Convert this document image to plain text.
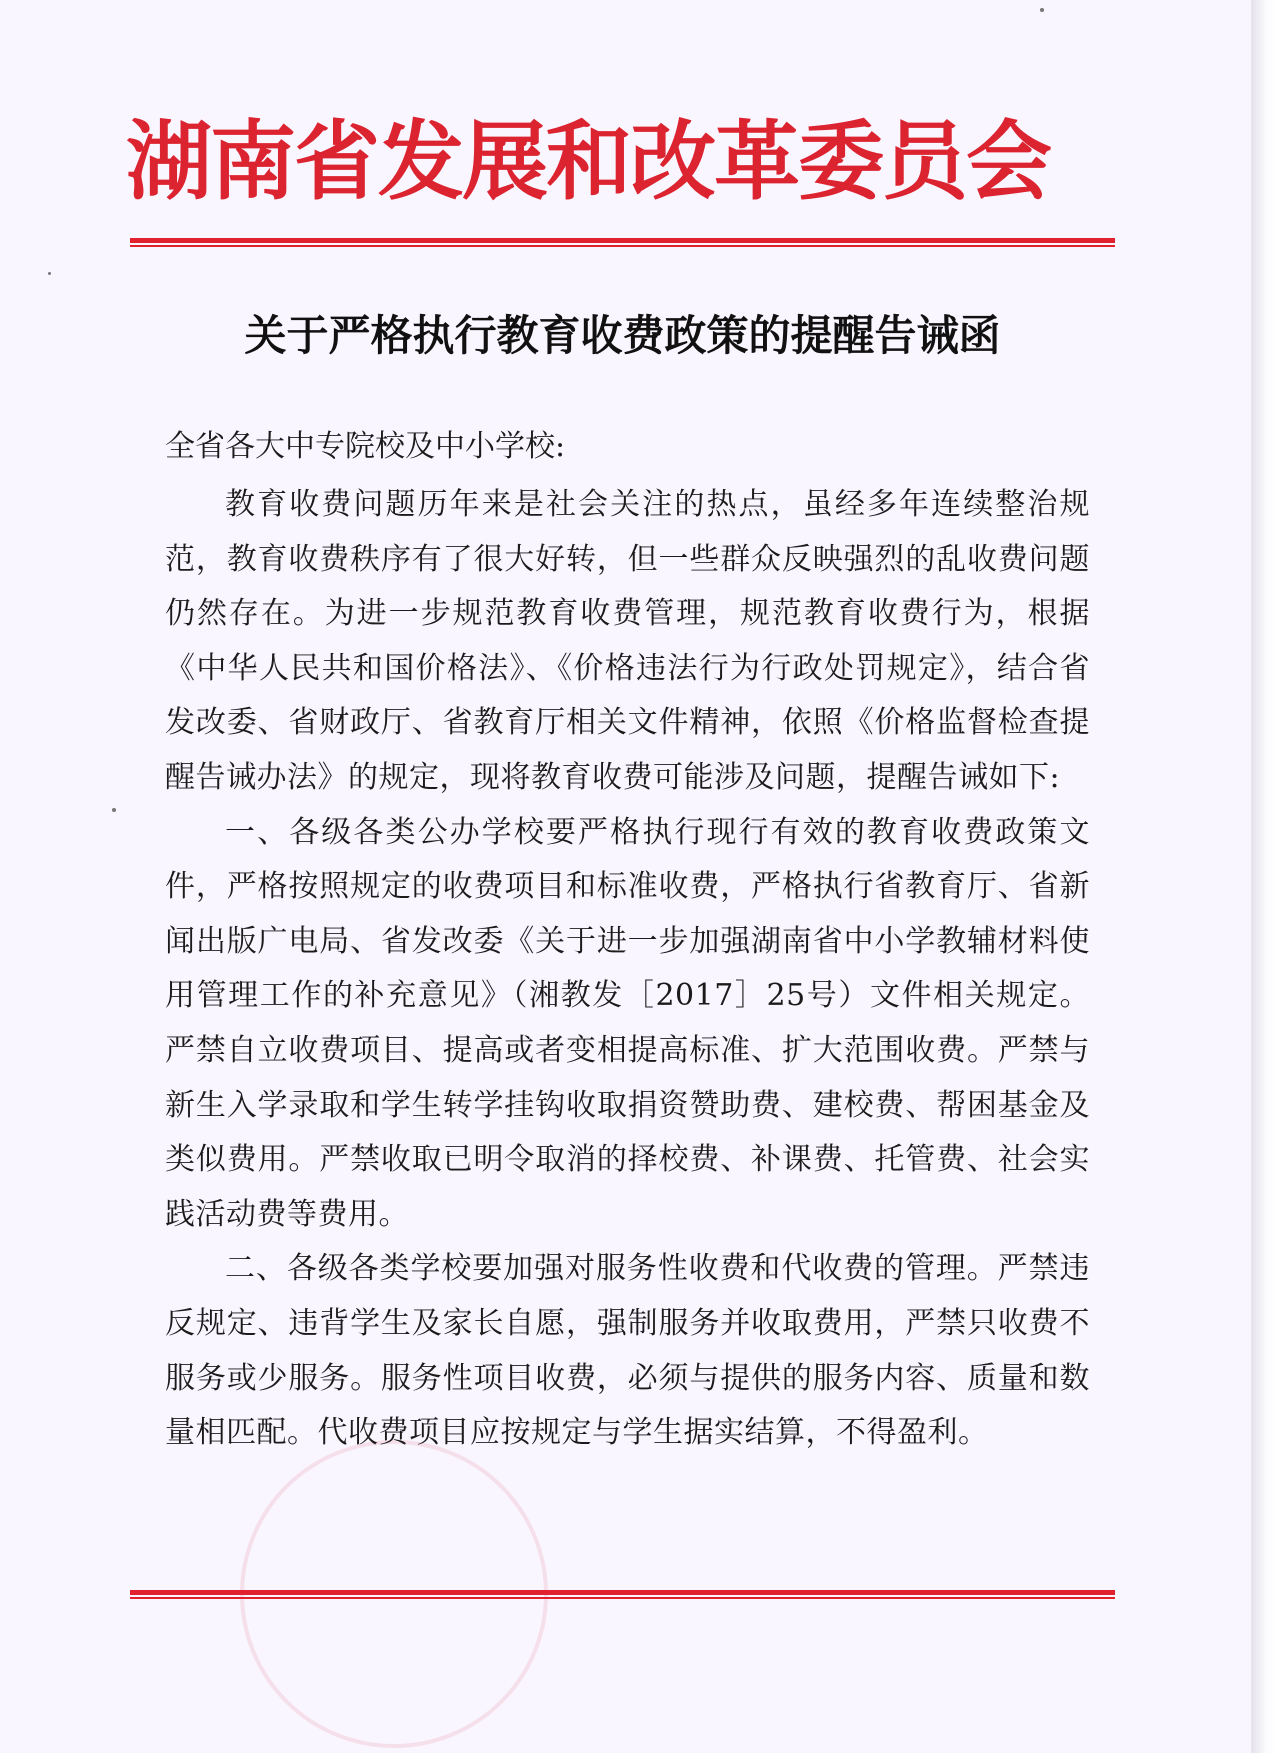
湖南省发展和改革委员会
关于严格执行教育收费政策的提醒告诫函
全省各大中专院校及中小学校:

教育收费问题历年来是社会关注的热点，虽经多年连续整治规范，教育收费秩序有了很大好转，但一些群众反映强烈的乱收费问题仍然存在。为进一步规范教育收费管理，规范教育收费行为，根据《中华人民共和国价格法》、《价格违法行为行政处罚规定》，结合省发改委、省财政厅、省教育厅相关文件精神，依照《价格监督检查提醒告诫办法》的规定，现将教育收费可能涉及问题，提醒告诫如下:

一、各级各类公办学校要严格执行现行有效的教育收费政策文件，严格按照规定的收费项目和标准收费，严格执行省教育厅、省新闻出版广电局、省发改委《关于进一步加强湖南省中小学教辅材料使用管理工作的补充意见》（湘教发［2017］25号）文件相关规定。严禁自立收费项目、提高或者变相提高标准、扩大范围收费。严禁与新生入学录取和学生转学挂钩收取捐资赞助费、建校费、帮困基金及类似费用。严禁收取已明令取消的择校费、补课费、托管费、社会实践活动费等费用。

二、各级各类学校要加强对服务性收费和代收费的管理。严禁违反规定、违背学生及家长自愿，强制服务并收取费用，严禁只收费不服务或少服务。服务性项目收费，必须与提供的服务内容、质量和数量相匹配。代收费项目应按规定与学生据实结算，不得盈利。
